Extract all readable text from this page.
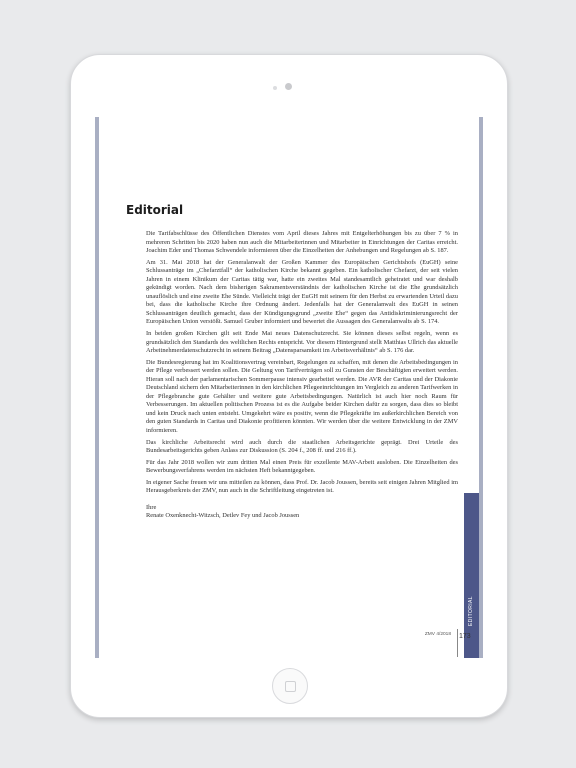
Editorial

Die Tarifabschlüsse des Öffentlichen Dienstes vom April dieses Jahres mit Entgelterhöhungen bis zu über 7 % in mehreren Schritten bis 2020 haben nun auch die Mitarbeiterinnen und Mitarbeiter in Einrichtungen der Caritas erreicht. Joachim Eder und Thomas Schwendele informieren über die Einzelheiten der Anhebungen und Regelungen ab S. 187.

Am 31. Mai 2018 hat der Generalanwalt der Großen Kammer des Europäischen Gerichtshofs (EuGH) seine Schlussanträge im „Chefarztfall“ der katholischen Kirche bekannt gegeben. Ein katholischer Chefarzt, der seit vielen Jahren in einem Klinikum der Caritas tätig war, hatte ein zweites Mal standesamtlich geheiratet und war deshalb gekündigt worden. Nach dem bisherigen Sakramentsverständnis der katholischen Kirche ist die Ehe grundsätzlich unauflöslich und eine zweite Ehe Sünde. Vielleicht trägt der EuGH mit seinem für den Herbst zu erwartenden Urteil dazu bei, dass die katholische Kirche ihre Ordnung ändert. Jedenfalls hat der Generalanwalt des EuGH in seinen Schlussanträgen deutlich gemacht, dass der Kündigungsgrund „zweite Ehe“ gegen das Antidiskriminierungsrecht der Europäischen Union verstößt. Samuel Gruber informiert und bewertet die Aussagen des Generalanwalts ab S. 174.

In beiden großen Kirchen gilt seit Ende Mai neues Datenschutzrecht. Sie können dieses selbst regeln, wenn es grundsätzlich den Standards des weltlichen Rechts entspricht. Vor diesem Hintergrund stellt Matthias Ullrich das aktuelle Arbeitnehmerdatenschutzrecht in seinem Beitrag „Datensparsamkeit im Arbeitsverhältnis“ ab S. 176 dar.

Die Bundesregierung hat im Koalitionsvertrag vereinbart, Regelungen zu schaffen, mit denen die Arbeitsbedingungen in der Pflege verbessert werden sollen. Die Geltung von Tarifverträgen soll zu Gunsten der Beschäftigten erweitert werden. Hieran soll nach der parlamentarischen Sommerpause intensiv gearbeitet werden. Die AVR der Caritas und der Diakonie Deutschland sichern den Mitarbeiterinnen in den kirchlichen Pflegeeinrichtungen im Vergleich zu anderen Tarifwerken in der Pflegebranche gute Gehälter und weitere gute Arbeitsbedingungen. Natürlich ist auch hier noch Raum für Verbesserungen. Im aktuellen politischen Prozess ist es die Aufgabe beider Kirchen dafür zu sorgen, dass dies so bleibt und kein Druck nach unten entsteht. Umgekehrt wäre es positiv, wenn die Pflegekräfte im außerkirchlichen Bereich von den guten Standards in Caritas und Diakonie profitieren könnten. Wir werden über die weitere Entwicklung in der ZMV informieren.

Das kirchliche Arbeitsrecht wird auch durch die staatlichen Arbeitsgerichte geprägt. Drei Urteile des Bundesarbeitsgerichts geben Anlass zur Diskussion (S. 204 f., 208 ff. und 216 ff.).

Für das Jahr 2018 wollen wir zum dritten Mal einen Preis für exzellente MAV-Arbeit ausloben. Die Einzelheiten des Bewerbungsverfahrens werden im nächsten Heft bekanntgegeben.

In eigener Sache freuen wir uns mitteilen zu können, dass Prof. Dr. Jacob Joussen, bereits seit einigen Jahren Mitglied im Herausgeberkreis der ZMV, nun auch in die Schriftleitung eingetreten ist.

Ihre
Renate Oxenknecht-Witzsch, Detlev Fey und Jacob Joussen
EDITORIAL
ZMV 4/2018 173
